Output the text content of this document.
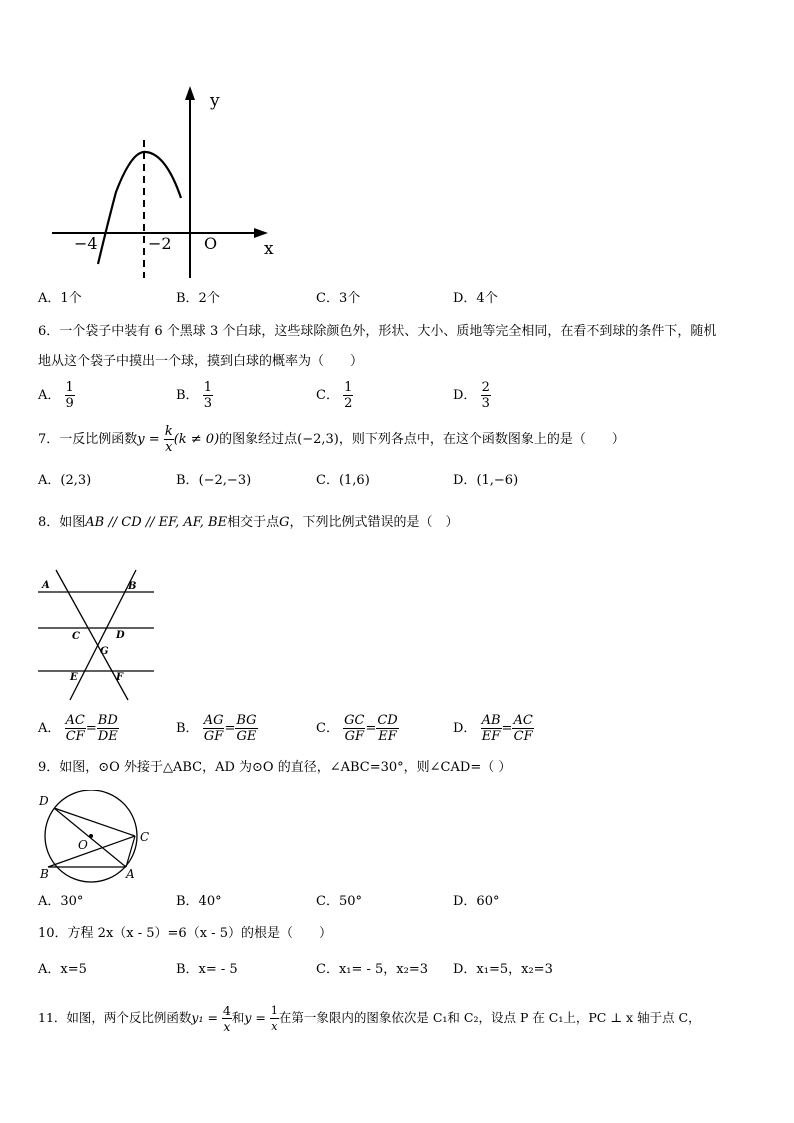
y
x
O
−4	−2
A．1个	B．2个	C．3个	D．4个
6．一个袋子中装有 6 个黑球 3 个白球，这些球除颜色外，形状、大小、质地等完全相同，在看不到球的条件下，随机
地从这个袋子中摸出一个球，摸到白球的概率为（　　）
A． $\frac{1}{9}$	B． $\frac{1}{3}$	C． $\frac{1}{2}$	D． $\frac{2}{3}$
7．一反比例函数$y = \frac{k}{x} (k \ne 0)$的图象经过点(−2,3)，则下列各点中，在这个函数图象上的是（　　）
A．(2,3)	B．(−2,−3)	C．(1,6)	D．(1,−6)
8．如图AB // CD // EF, AF, BE相交于点G，下列比例式错误的是（　）
A	B
C	D
G
E	F
A． $\frac{AC}{CF} = \frac{BD}{DE}$	B． $\frac{AG}{GF} = \frac{BG}{GE}$	C． $\frac{GC}{GF} = \frac{CD}{EF}$	D． $\frac{AB}{EF} = \frac{AC}{CF}$
9．如图，⊙O 外接于△ABC，AD 为⊙O 的直径，∠ABC=30°，则∠CAD=（ ）
D
O
C
B	A
A．30°	B．40°	C．50°	D．60°
10．方程 2x（x - 5）=6（x - 5）的根是（　　）
A．x=5	B．x= - 5	C．x₁= - 5，x₂=3 D．x₁=5，x₂=3
11．如图，两个反比例函数$y_1 = \frac{4}{x}$ 和$y = \frac{1}{x}$ 在第一象限内的图象依次是 C₁和 C₂，设点 P 在 C₁上，PC ⊥ x 轴于点 C，
